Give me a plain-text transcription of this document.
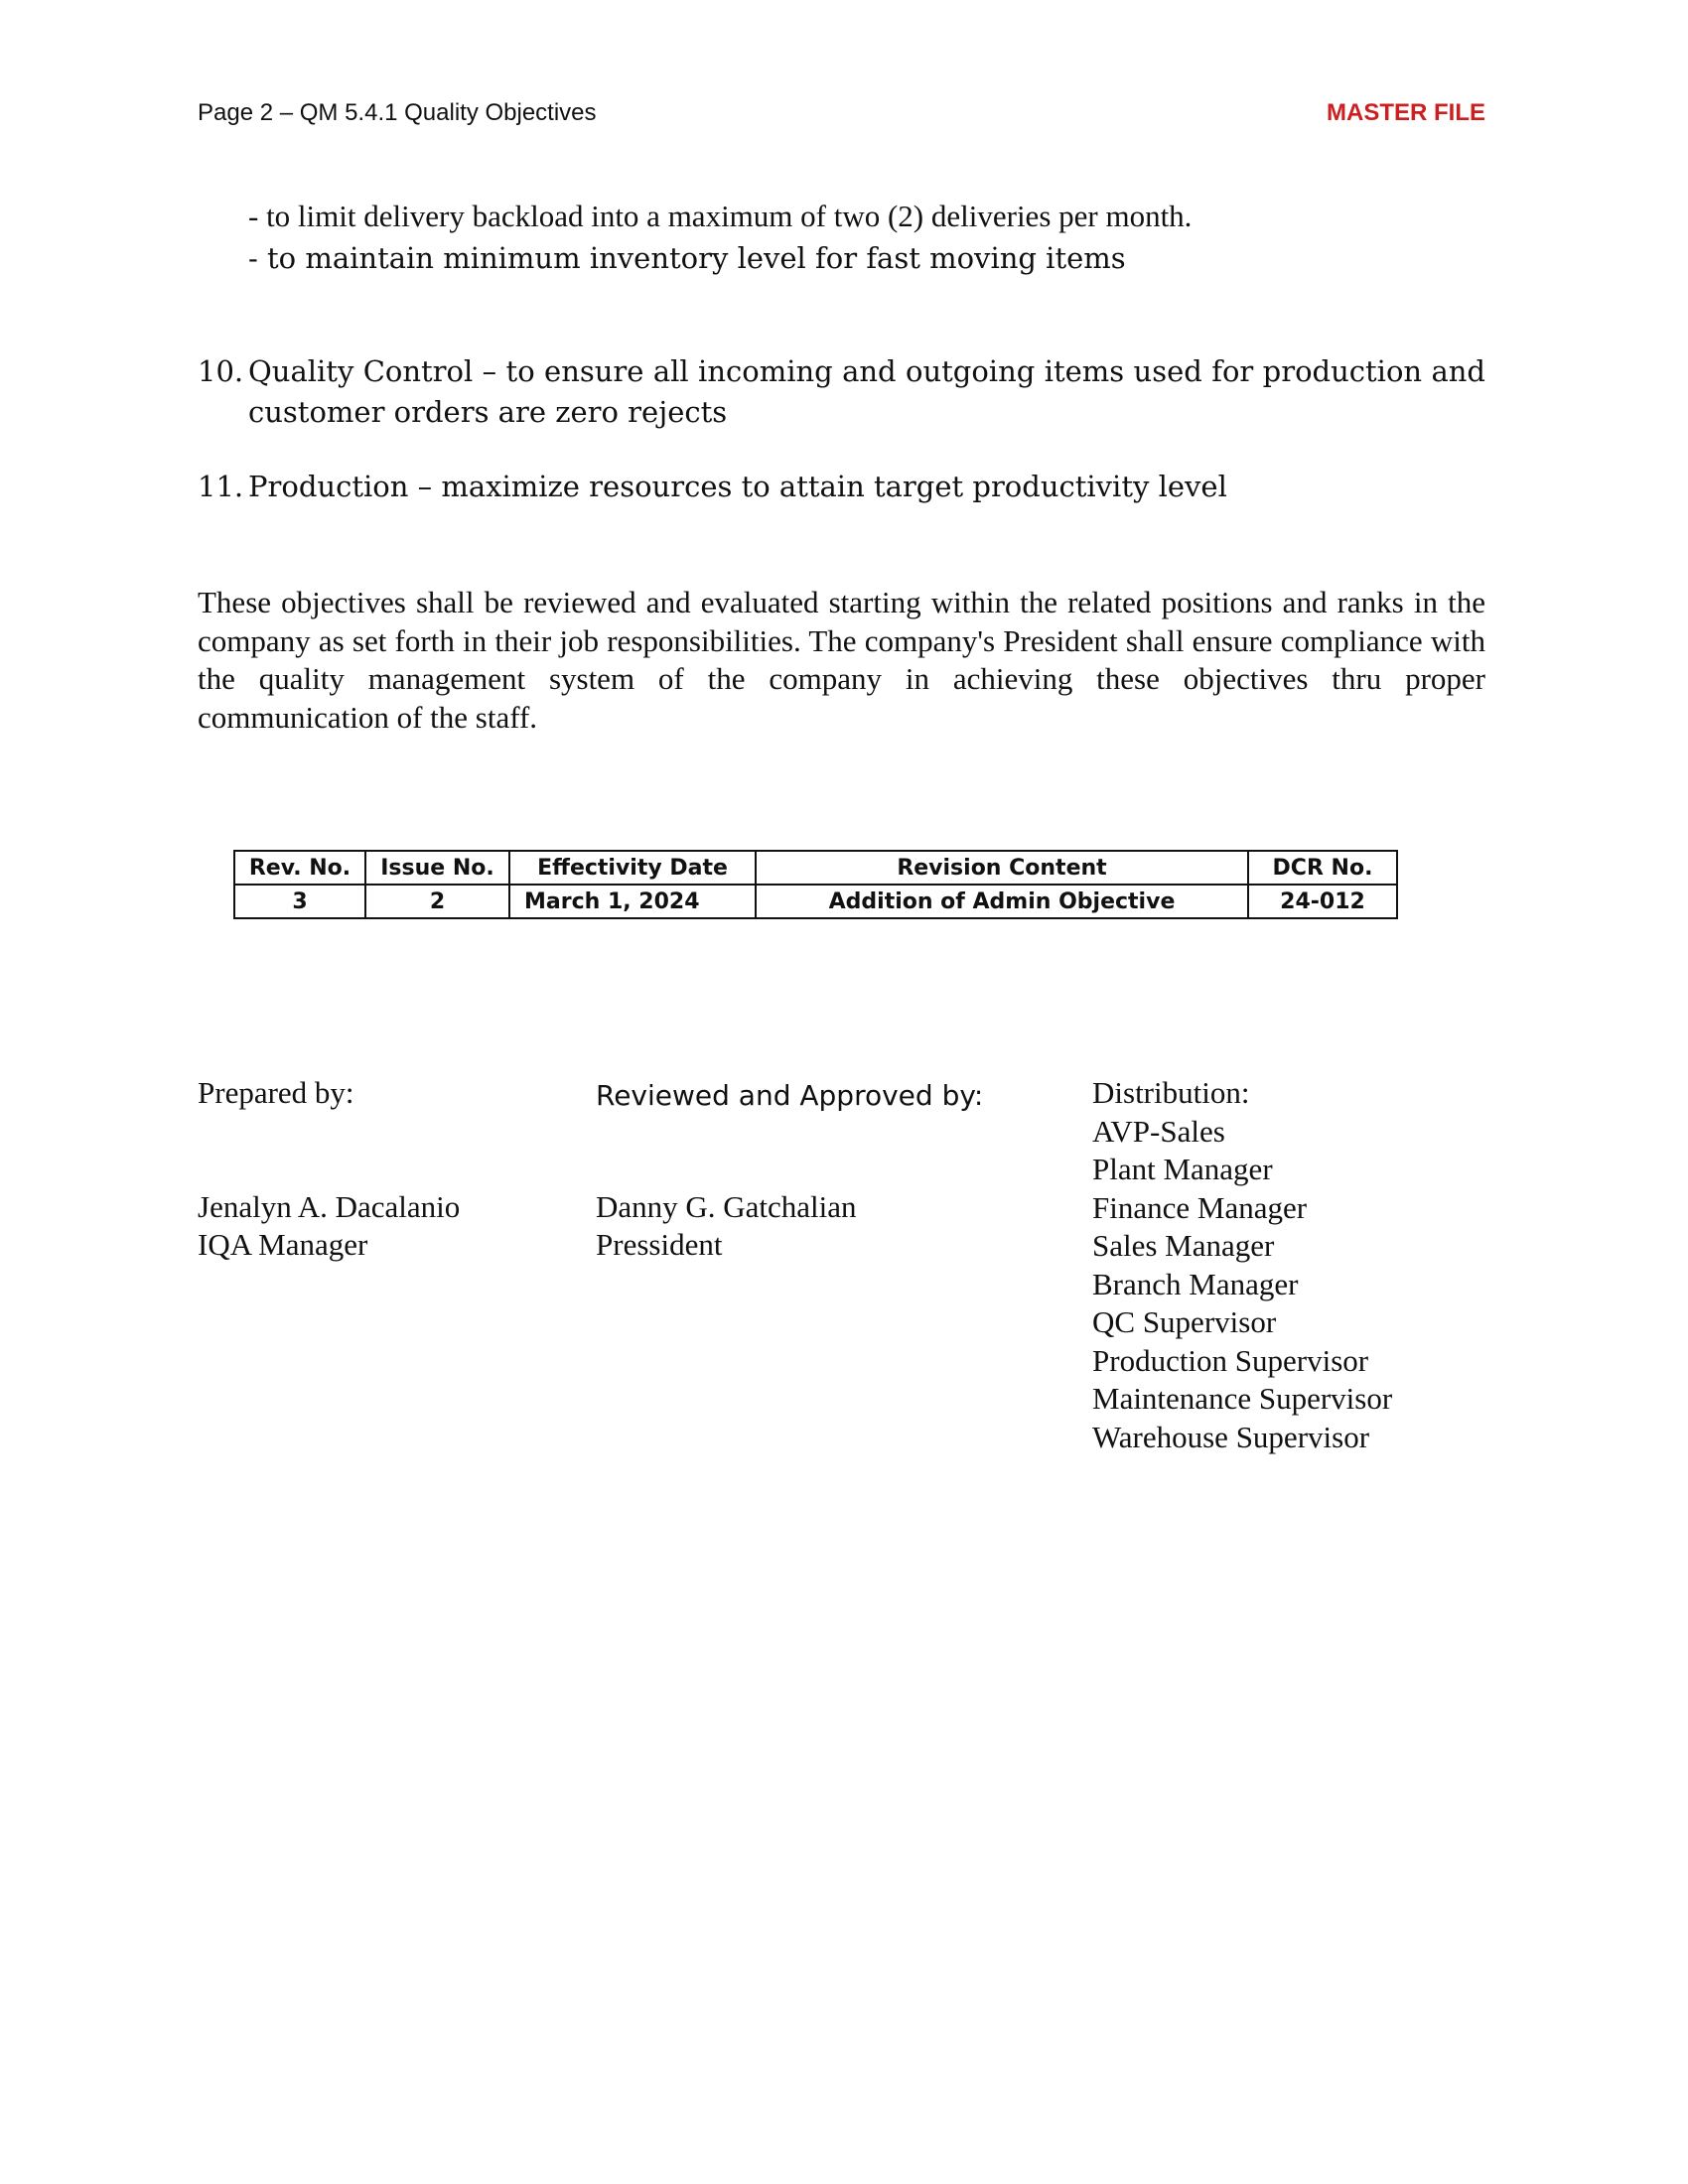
Page 2 – QM 5.4.1 Quality Objectives	MASTER FILE
- to limit delivery backload into a maximum of two (2) deliveries per month.
- to maintain minimum inventory level for fast moving items
10. Quality Control – to ensure all incoming and outgoing items used for production and customer orders are zero rejects
11. Production – maximize resources to attain target productivity level
These objectives shall be reviewed and evaluated starting within the related positions and ranks in the company as set forth in their job responsibilities. The company's President shall ensure compliance with the quality management system of the company in achieving these objectives thru proper communication of the staff.
Rev. No.	Issue No.	Effectivity Date	Revision Content	DCR No.
3	2	March 1, 2024	Addition of Admin Objective	24-012
Prepared by:
Jenalyn A. Dacalanio
IQA Manager
Reviewed and Approved by:
Danny G. Gatchalian
Pressident
Distribution:
AVP-Sales
Plant Manager
Finance Manager
Sales Manager
Branch Manager
QC Supervisor
Production Supervisor
Maintenance Supervisor
Warehouse Supervisor
